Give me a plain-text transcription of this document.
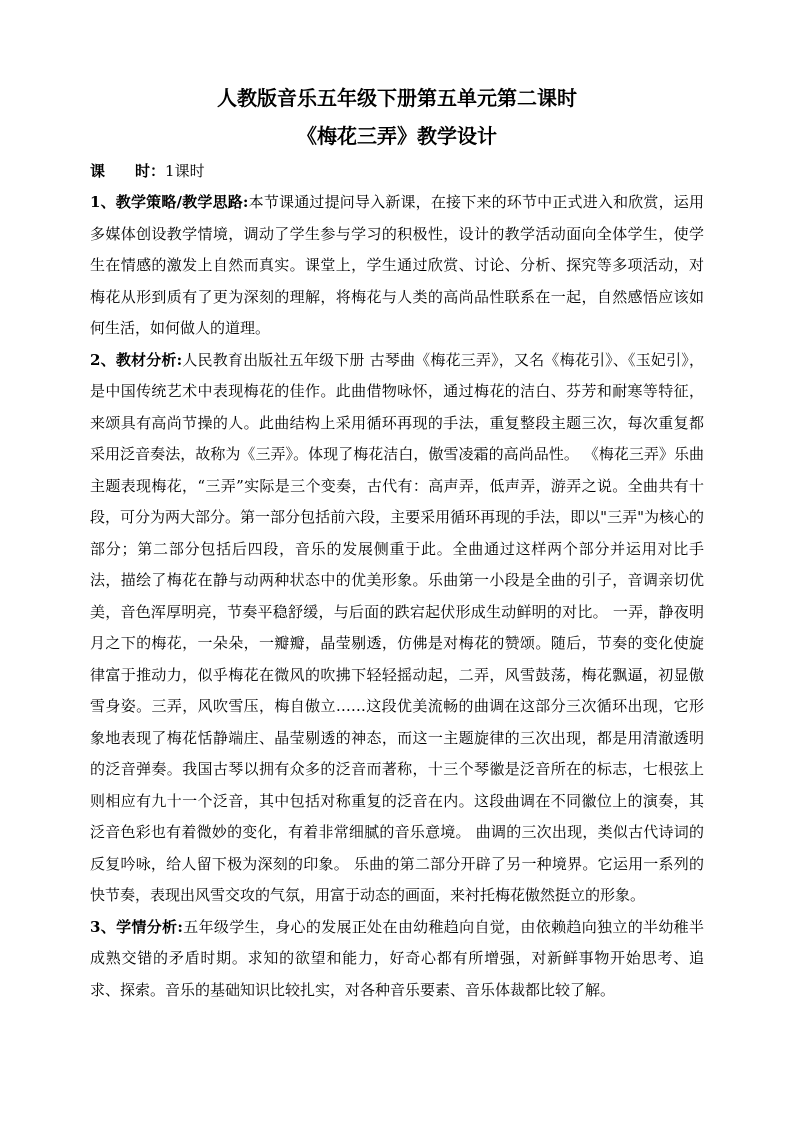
人教版音乐五年级下册第五单元第二课时
《梅花三弄》教学设计
课 时：1课时

1、教学策略/教学思路:本节课通过提问导入新课，在接下来的环节中正式进入和欣赏，运用多媒体创设教学情境，调动了学生参与学习的积极性，设计的教学活动面向全体学生，使学生在情感的激发上自然而真实。课堂上，学生通过欣赏、讨论、分析、探究等多项活动，对梅花从形到质有了更为深刻的理解，将梅花与人类的高尚品性联系在一起，自然感悟应该如何生活，如何做人的道理。

2、教材分析:人民教育出版社五年级下册 古琴曲《梅花三弄》，又名《梅花引》、《玉妃引》，是中国传统艺术中表现梅花的佳作。此曲借物咏怀，通过梅花的洁白、芬芳和耐寒等特征，来颂具有高尚节操的人。此曲结构上采用循环再现的手法，重复整段主题三次，每次重复都采用泛音奏法，故称为《三弄》。体现了梅花洁白，傲雪凌霜的高尚品性。 《梅花三弄》乐曲主题表现梅花，“三弄”实际是三个变奏，古代有：高声弄，低声弄，游弄之说。全曲共有十段，可分为两大部分。第一部分包括前六段，主要采用循环再现的手法，即以"三弄"为核心的部分；第二部分包括后四段，音乐的发展侧重于此。全曲通过这样两个部分并运用对比手法，描绘了梅花在静与动两种状态中的优美形象。乐曲第一小段是全曲的引子，音调亲切优美，音色浑厚明亮，节奏平稳舒缓，与后面的跌宕起伏形成生动鲜明的对比。 一弄，静夜明月之下的梅花，一朵朵，一瓣瓣，晶莹剔透，仿佛是对梅花的赞颂。随后，节奏的变化使旋律富于推动力，似乎梅花在微风的吹拂下轻轻摇动起，二弄，风雪鼓荡，梅花飘逼，初显傲雪身姿。三弄，风吹雪压，梅自傲立……这段优美流畅的曲调在这部分三次循环出现，它形象地表现了梅花恬静端庄、晶莹剔透的神态，而这一主题旋律的三次出现，都是用清澈透明的泛音弹奏。我国古琴以拥有众多的泛音而著称，十三个琴徽是泛音所在的标志，七根弦上则相应有九十一个泛音，其中包括对称重复的泛音在内。这段曲调在不同徽位上的演奏，其泛音色彩也有着微妙的变化，有着非常细腻的音乐意境。 曲调的三次出现，类似古代诗词的反复吟咏，给人留下极为深刻的印象。 乐曲的第二部分开辟了另一种境界。它运用一系列的快节奏，表现出风雪交攻的气氛，用富于动态的画面，来衬托梅花傲然挺立的形象。

3、学情分析:五年级学生，身心的发展正处在由幼稚趋向自觉，由依赖趋向独立的半幼稚半成熟交错的矛盾时期。求知的欲望和能力，好奇心都有所增强，对新鲜事物开始思考、追求、探索。音乐的基础知识比较扎实，对各种音乐要素、音乐体裁都比较了解。
